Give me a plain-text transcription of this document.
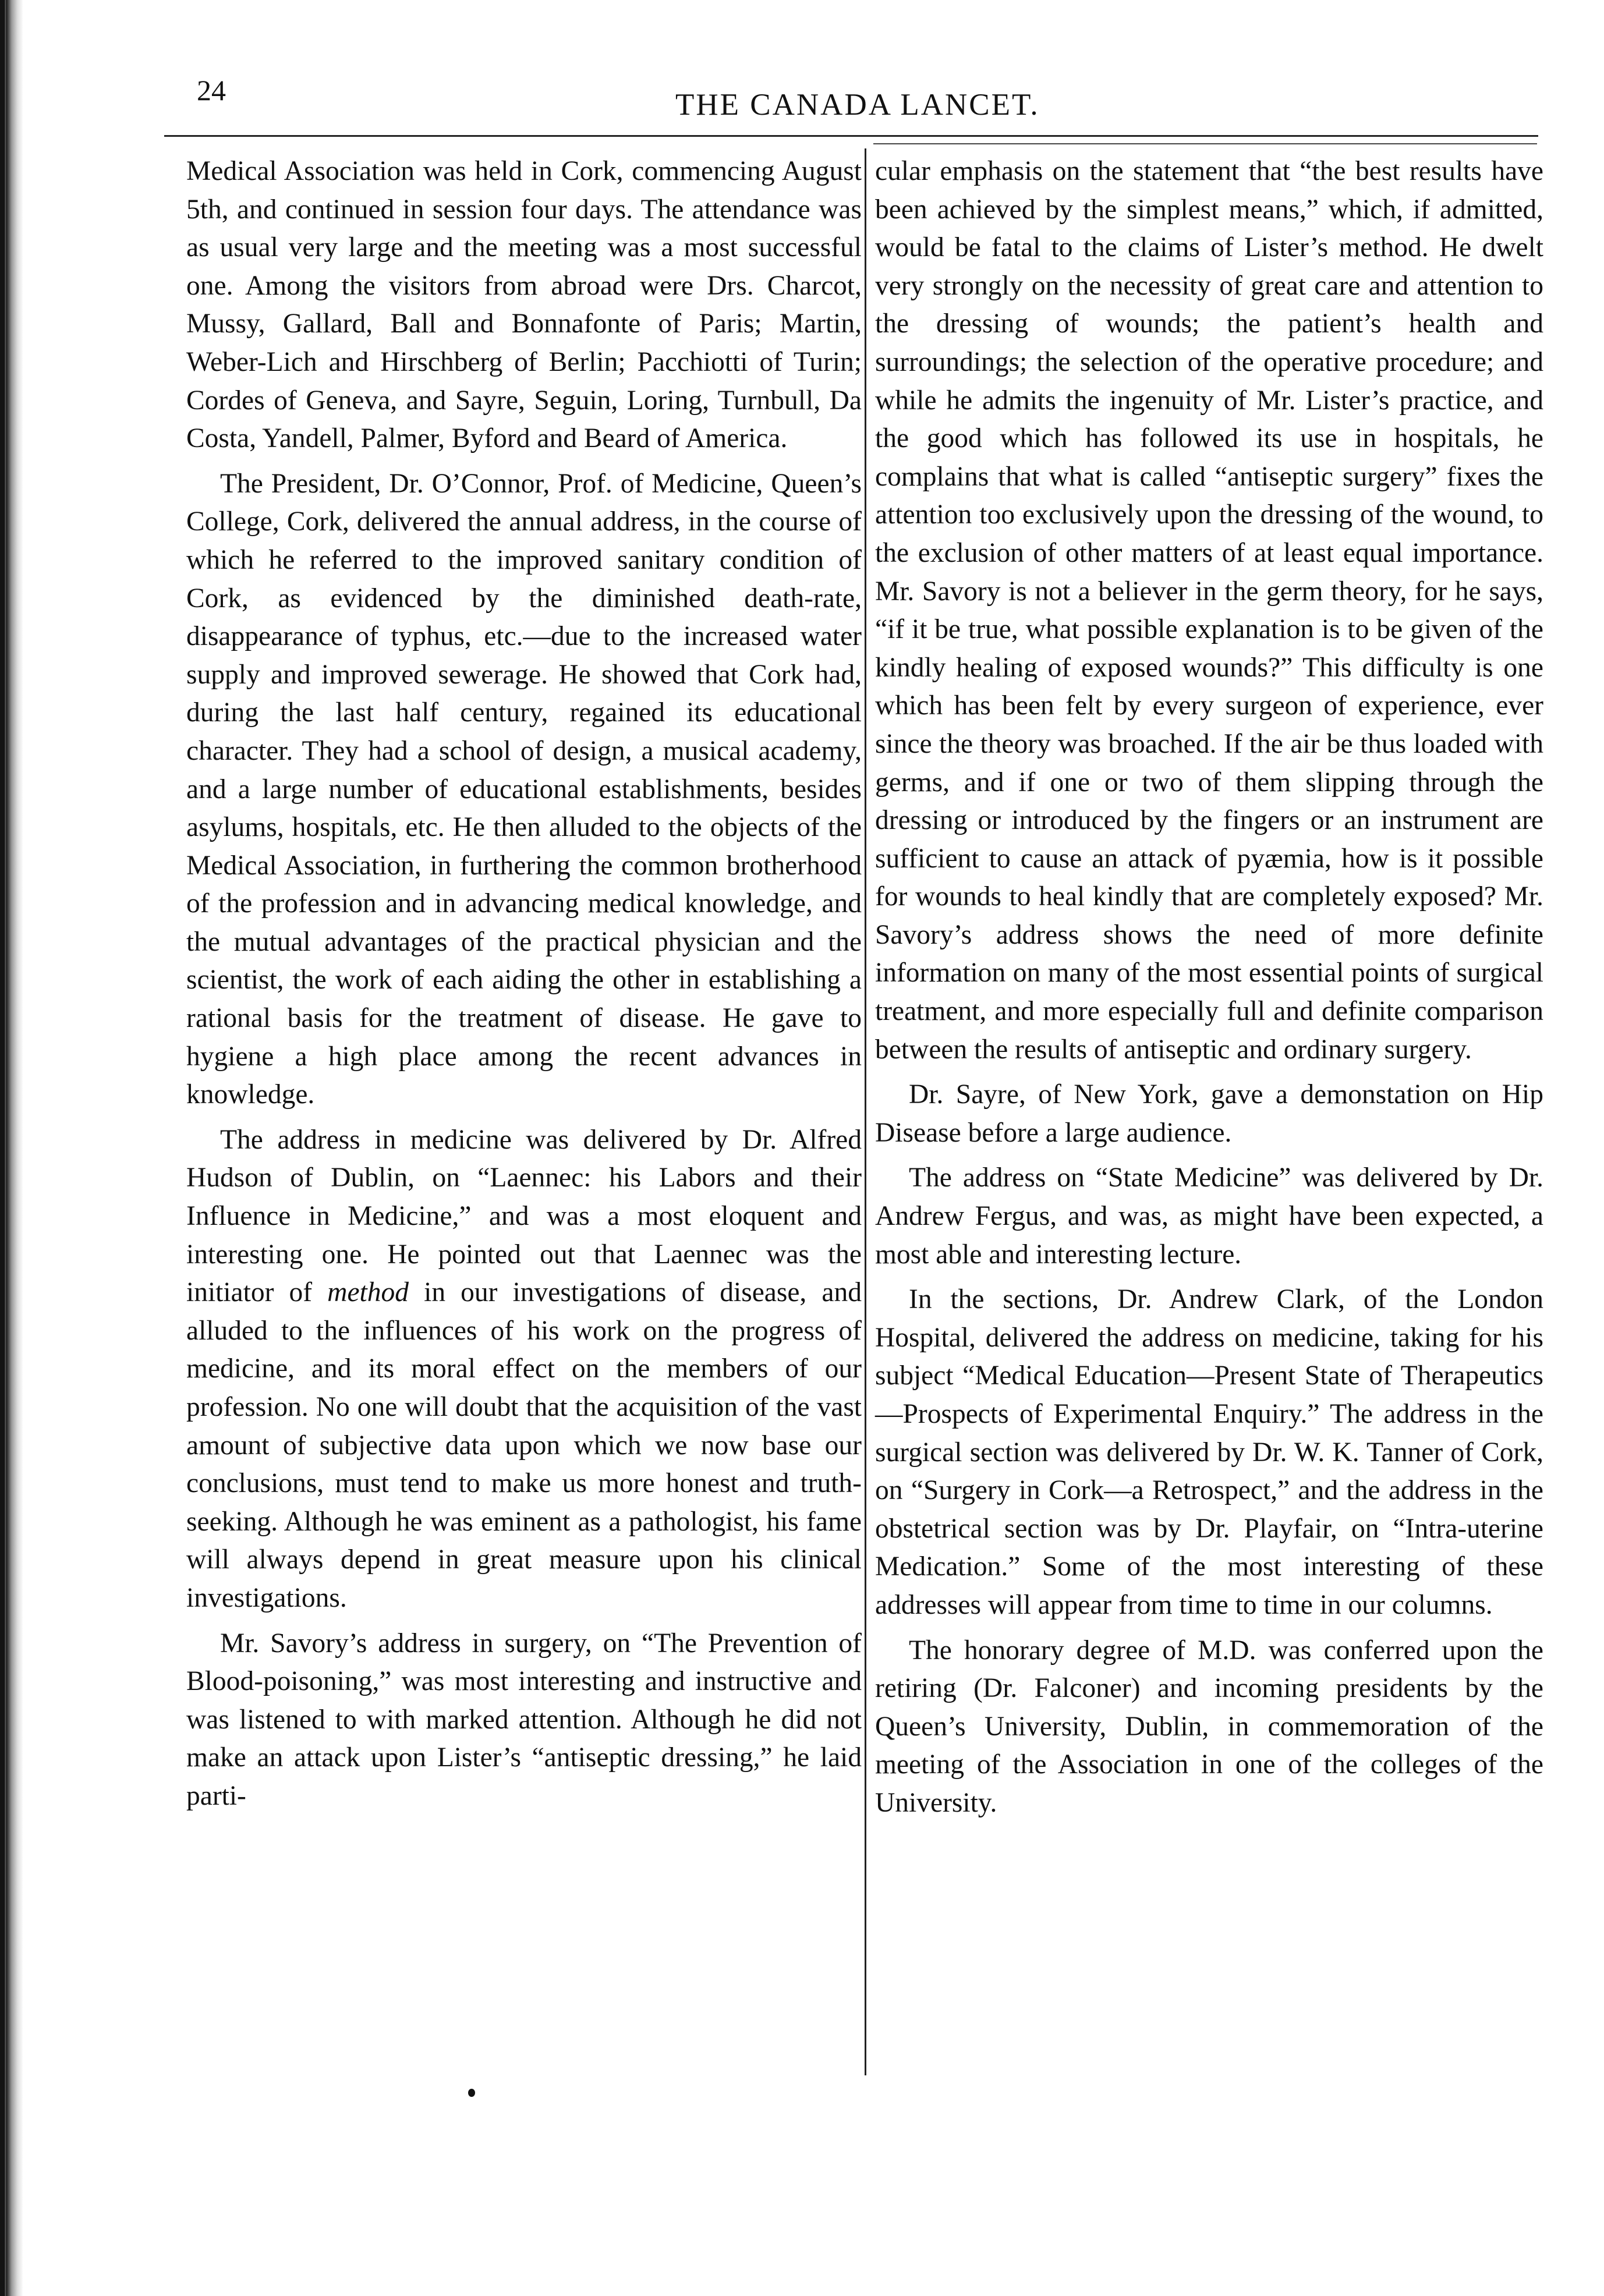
24	THE CANADA LANCET.

Medical Association was held in Cork, commencing August 5th, and continued in session four days. The attendance was as usual very large and the meeting was a most successful one. Among the visitors from abroad were Drs. Charcot, Mussy, Gallard, Ball and Bonnafonte of Paris; Martin, Weber-Lich and Hirschberg of Berlin; Pacchiotti of Turin; Cordes of Geneva, and Sayre, Seguin, Loring, Turnbull, Da Costa, Yandell, Palmer, Byford and Beard of America.

The President, Dr. O’Connor, Prof. of Medicine, Queen’s College, Cork, delivered the annual address, in the course of which he referred to the improved sanitary condition of Cork, as evidenced by the diminished death-rate, disappearance of typhus, etc.—due to the increased water supply and improved sewerage. He showed that Cork had, during the last half century, regained its educational character. They had a school of design, a musical academy, and a large number of educational establishments, besides asylums, hospitals, etc. He then alluded to the objects of the Medical Association, in furthering the common brotherhood of the profession and in advancing medical knowledge, and the mutual advantages of the practical physician and the scientist, the work of each aiding the other in establishing a rational basis for the treatment of disease. He gave to hygiene a high place among the recent advances in knowledge.

The address in medicine was delivered by Dr. Alfred Hudson of Dublin, on “Laennec: his Labors and their Influence in Medicine,” and was a most eloquent and interesting one. He pointed out that Laennec was the initiator of method in our investigations of disease, and alluded to the influences of his work on the progress of medicine, and its moral effect on the members of our profession. No one will doubt that the acquisition of the vast amount of subjective data upon which we now base our conclusions, must tend to make us more honest and truth-seeking. Although he was eminent as a pathologist, his fame will always depend in great measure upon his clinical investigations.

Mr. Savory’s address in surgery, on “The Prevention of Blood-poisoning,” was most interesting and instructive and was listened to with marked attention. Although he did not make an attack upon Lister’s “antiseptic dressing,” he laid parti-

cular emphasis on the statement that “the best results have been achieved by the simplest means,” which, if admitted, would be fatal to the claims of Lister’s method. He dwelt very strongly on the necessity of great care and attention to the dressing of wounds; the patient’s health and surroundings; the selection of the operative procedure; and while he admits the ingenuity of Mr. Lister’s practice, and the good which has followed its use in hospitals, he complains that what is called “antiseptic surgery” fixes the attention too exclusively upon the dressing of the wound, to the exclusion of other matters of at least equal importance. Mr. Savory is not a believer in the germ theory, for he says, “if it be true, what possible explanation is to be given of the kindly healing of exposed wounds?” This difficulty is one which has been felt by every surgeon of experience, ever since the theory was broached. If the air be thus loaded with germs, and if one or two of them slipping through the dressing or introduced by the fingers or an instrument are sufficient to cause an attack of pyæmia, how is it possible for wounds to heal kindly that are completely exposed? Mr. Savory’s address shows the need of more definite information on many of the most essential points of surgical treatment, and more especially full and definite comparison between the results of antiseptic and ordinary surgery.

Dr. Sayre, of New York, gave a demonstation on Hip Disease before a large audience.

The address on “State Medicine” was delivered by Dr. Andrew Fergus, and was, as might have been expected, a most able and interesting lecture.

In the sections, Dr. Andrew Clark, of the London Hospital, delivered the address on medicine, taking for his subject “Medical Education—Present State of Therapeutics—Prospects of Experimental Enquiry.” The address in the surgical section was delivered by Dr. W. K. Tanner of Cork, on “Surgery in Cork—a Retrospect,” and the address in the obstetrical section was by Dr. Playfair, on “Intra-uterine Medication.” Some of the most interesting of these addresses will appear from time to time in our columns.

The honorary degree of M.D. was conferred upon the retiring (Dr. Falconer) and incoming presidents by the Queen’s University, Dublin, in commemoration of the meeting of the Association in one of the colleges of the University.
